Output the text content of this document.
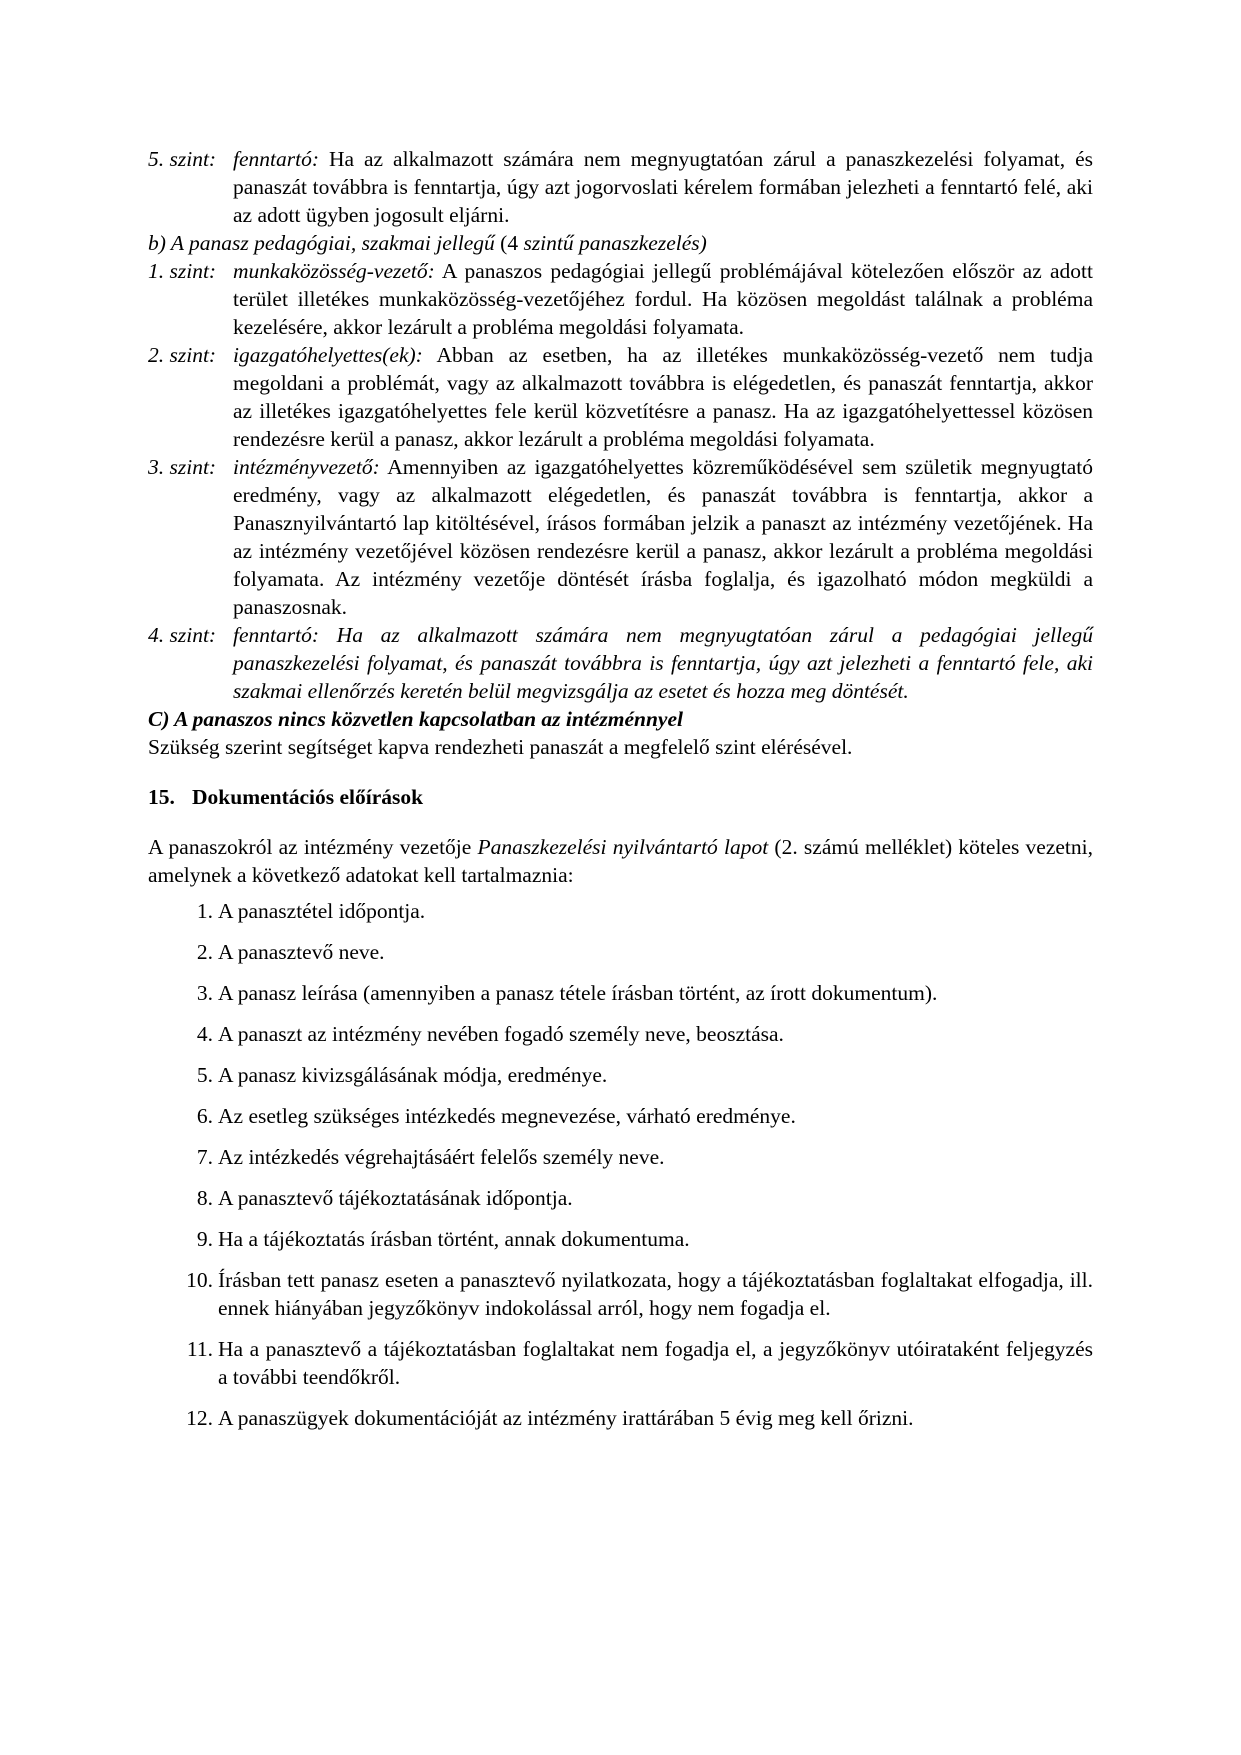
5. szint: fenntartó: Ha az alkalmazott számára nem megnyugtatóan zárul a panaszkezelési folyamat, és panaszát továbbra is fenntartja, úgy azt jogorvoslati kérelem formában jelezheti a fenntartó felé, aki az adott ügyben jogosult eljárni.
b) A panasz pedagógiai, szakmai jellegű (4 szintű panaszkezelés)
1. szint: munkaközösség-vezető: A panaszos pedagógiai jellegű problémájával kötelezően először az adott terület illetékes munkaközösség-vezetőjéhez fordul. Ha közösen megoldást találnak a probléma kezelésére, akkor lezárult a probléma megoldási folyamata.
2. szint: igazgatóhelyettes(ek): Abban az esetben, ha az illetékes munkaközösség-vezető nem tudja megoldani a problémát, vagy az alkalmazott továbbra is elégedetlen, és panaszát fenntartja, akkor az illetékes igazgatóhelyettes fele kerül közvetítésre a panasz. Ha az igazgatóhelyettessel közösen rendezésre kerül a panasz, akkor lezárult a probléma megoldási folyamata.
3. szint: intézményvezető: Amennyiben az igazgatóhelyettes közreműködésével sem születik megnyugtató eredmény, vagy az alkalmazott elégedetlen, és panaszát továbbra is fenntartja, akkor a Panasznyilvántartó lap kitöltésével, írásos formában jelzik a panaszt az intézmény vezetőjének. Ha az intézmény vezetőjével közösen rendezésre kerül a panasz, akkor lezárult a probléma megoldási folyamata. Az intézmény vezetője döntését írásba foglalja, és igazolható módon megküldi a panaszosnak.
4. szint: fenntartó: Ha az alkalmazott számára nem megnyugtatóan zárul a pedagógiai jellegű panaszkezelési folyamat, és panaszát továbbra is fenntartja, úgy azt jelezheti a fenntartó fele, aki szakmai ellenőrzés keretén belül megvizsgálja az esetet és hozza meg döntését.
C) A panaszos nincs közvetlen kapcsolatban az intézménnyel
Szükség szerint segítséget kapva rendezheti panaszát a megfelelő szint elérésével.
15. Dokumentációs előírások
A panaszokról az intézmény vezetője Panaszkezelési nyilvántartó lapot (2. számú melléklet) köteles vezetni, amelynek a következő adatokat kell tartalmaznia:
1. A panasztétel időpontja.
2. A panasztevő neve.
3. A panasz leírása (amennyiben a panasz tétele írásban történt, az írott dokumentum).
4. A panaszt az intézmény nevében fogadó személy neve, beosztása.
5. A panasz kivizsgálásának módja, eredménye.
6. Az esetleg szükséges intézkedés megnevezése, várható eredménye.
7. Az intézkedés végrehajtásáért felelős személy neve.
8. A panasztevő tájékoztatásának időpontja.
9. Ha a tájékoztatás írásban történt, annak dokumentuma.
10. Írásban tett panasz eseten a panasztevő nyilatkozata, hogy a tájékoztatásban foglaltakat elfogadja, ill. ennek hiányában jegyzőkönyv indokolással arról, hogy nem fogadja el.
11. Ha a panasztevő a tájékoztatásban foglaltakat nem fogadja el, a jegyzőkönyv utóirataként feljegyzés a további teendőkről.
12. A panaszügyek dokumentációját az intézmény irattárában 5 évig meg kell őrizni.
